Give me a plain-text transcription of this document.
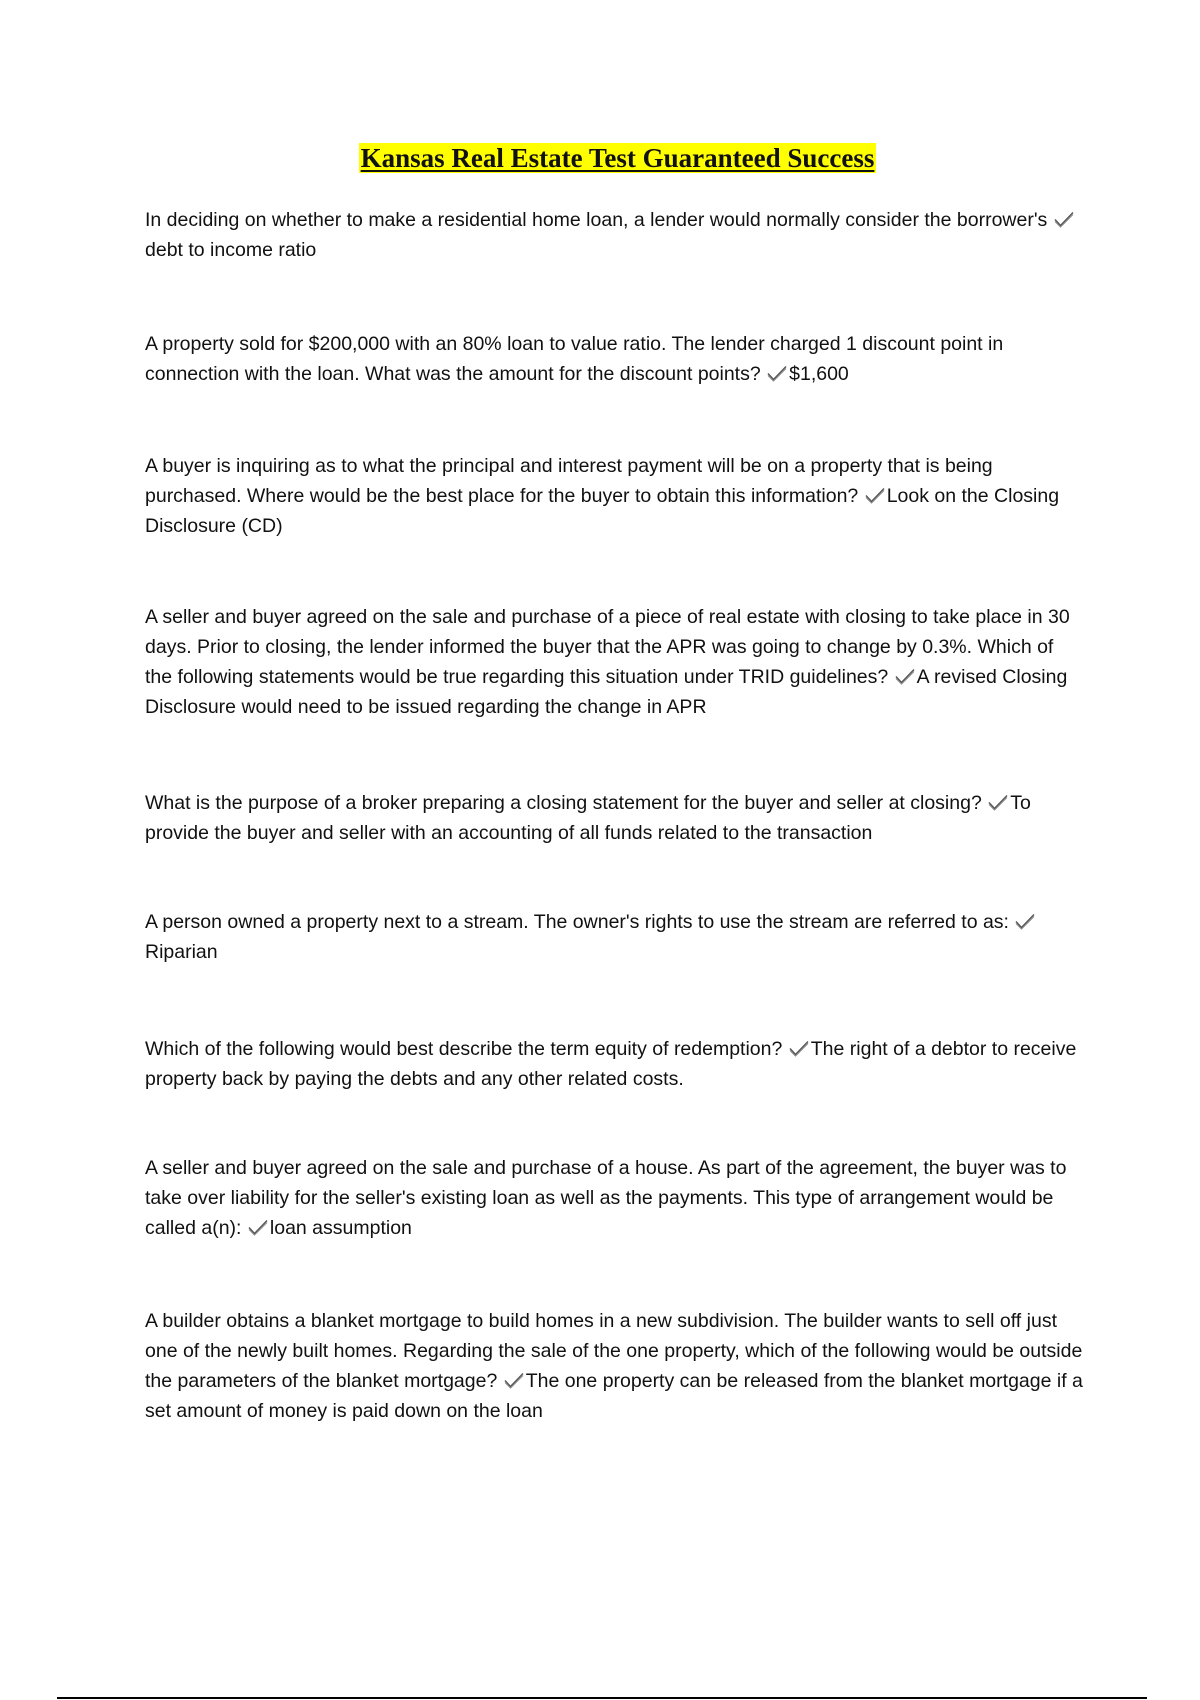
Kansas Real Estate Test Guaranteed Success

In deciding on whether to make a residential home loan, a lender would normally consider the borrower's
debt to income ratio

A property sold for $200,000 with an 80% loan to value ratio. The lender charged 1 discount point in connection with the loan. What was the amount for the discount points? $1,600

A buyer is inquiring as to what the principal and interest payment will be on a property that is being purchased. Where would be the best place for the buyer to obtain this information? Look on the Closing Disclosure (CD)

A seller and buyer agreed on the sale and purchase of a piece of real estate with closing to take place in 30 days. Prior to closing, the lender informed the buyer that the APR was going to change by 0.3%. Which of the following statements would be true regarding this situation under TRID guidelines? A revised Closing Disclosure would need to be issued regarding the change in APR

What is the purpose of a broker preparing a closing statement for the buyer and seller at closing? To provide the buyer and seller with an accounting of all funds related to the transaction

A person owned a property next to a stream. The owner's rights to use the stream are referred to as:
Riparian

Which of the following would best describe the term equity of redemption? The right of a debtor to receive property back by paying the debts and any other related costs.

A seller and buyer agreed on the sale and purchase of a house. As part of the agreement, the buyer was to take over liability for the seller's existing loan as well as the payments. This type of arrangement would be called a(n): loan assumption

A builder obtains a blanket mortgage to build homes in a new subdivision. The builder wants to sell off just one of the newly built homes. Regarding the sale of the one property, which of the following would be outside the parameters of the blanket mortgage? The one property can be released from the blanket mortgage if a set amount of money is paid down on the loan
